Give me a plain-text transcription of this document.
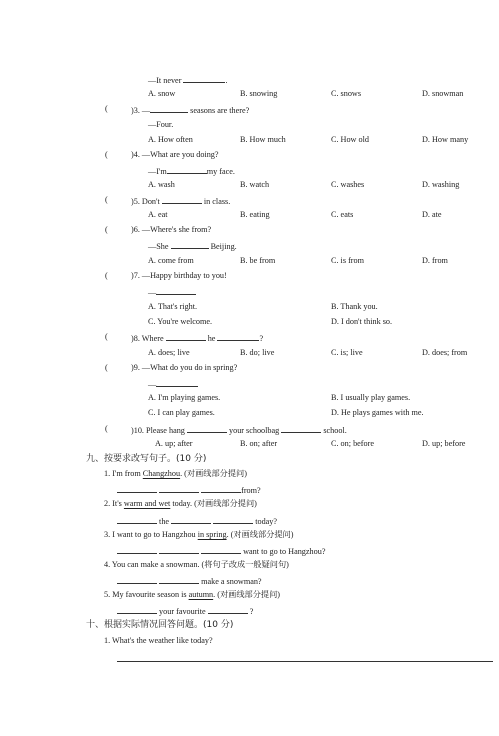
—It never	.
A. snow	B. snowing	C. snows	D. snowman
(	)3. —	seasons are there?
—Four.
A. How often	B. How much	C. How old	D. How many
(	)4. —What are you doing?
—I'm	my face.
A. wash	B. watch	C. washes	D. washing
(	)5. Don't	in class.
A. eat	B. eating	C. eats	D. ate
(	)6. —Where's she from?
—She	Beijing.
A. come from	B. be from	C. is from	D. from
(	)7. —Happy birthday to you!
—
A. That's right.	B. Thank you.
C. You're welcome.	D. I don't think so.
(	)8. Where	he	?
A. does; live	B. do; live	C. is; live	D. does; from
(	)9. —What do you do in spring?
—
A. I'm playing games.	B. I usually play games.
C. I can play games.	D. He plays games with me.
(	)10. Please hang	your schoolbag	school.
A. up; after	B. on; after	C. on; before	D. up; before
九、按要求改写句子。(10 分)
1. I'm from Changzhou. (对画线部分提问)
from?
2. It's warm and wet today. (对画线部分提问)
the	today?
3. I want to go to Hangzhou in spring. (对画线部分提问)
want to go to Hangzhou?
4. You can make a snowman. (将句子改成一般疑问句)
make a snowman?
5. My favourite season is autumn. (对画线部分提问)
your favourite	?
十、根据实际情况回答问题。(10 分)
1. What's the weather like today?
